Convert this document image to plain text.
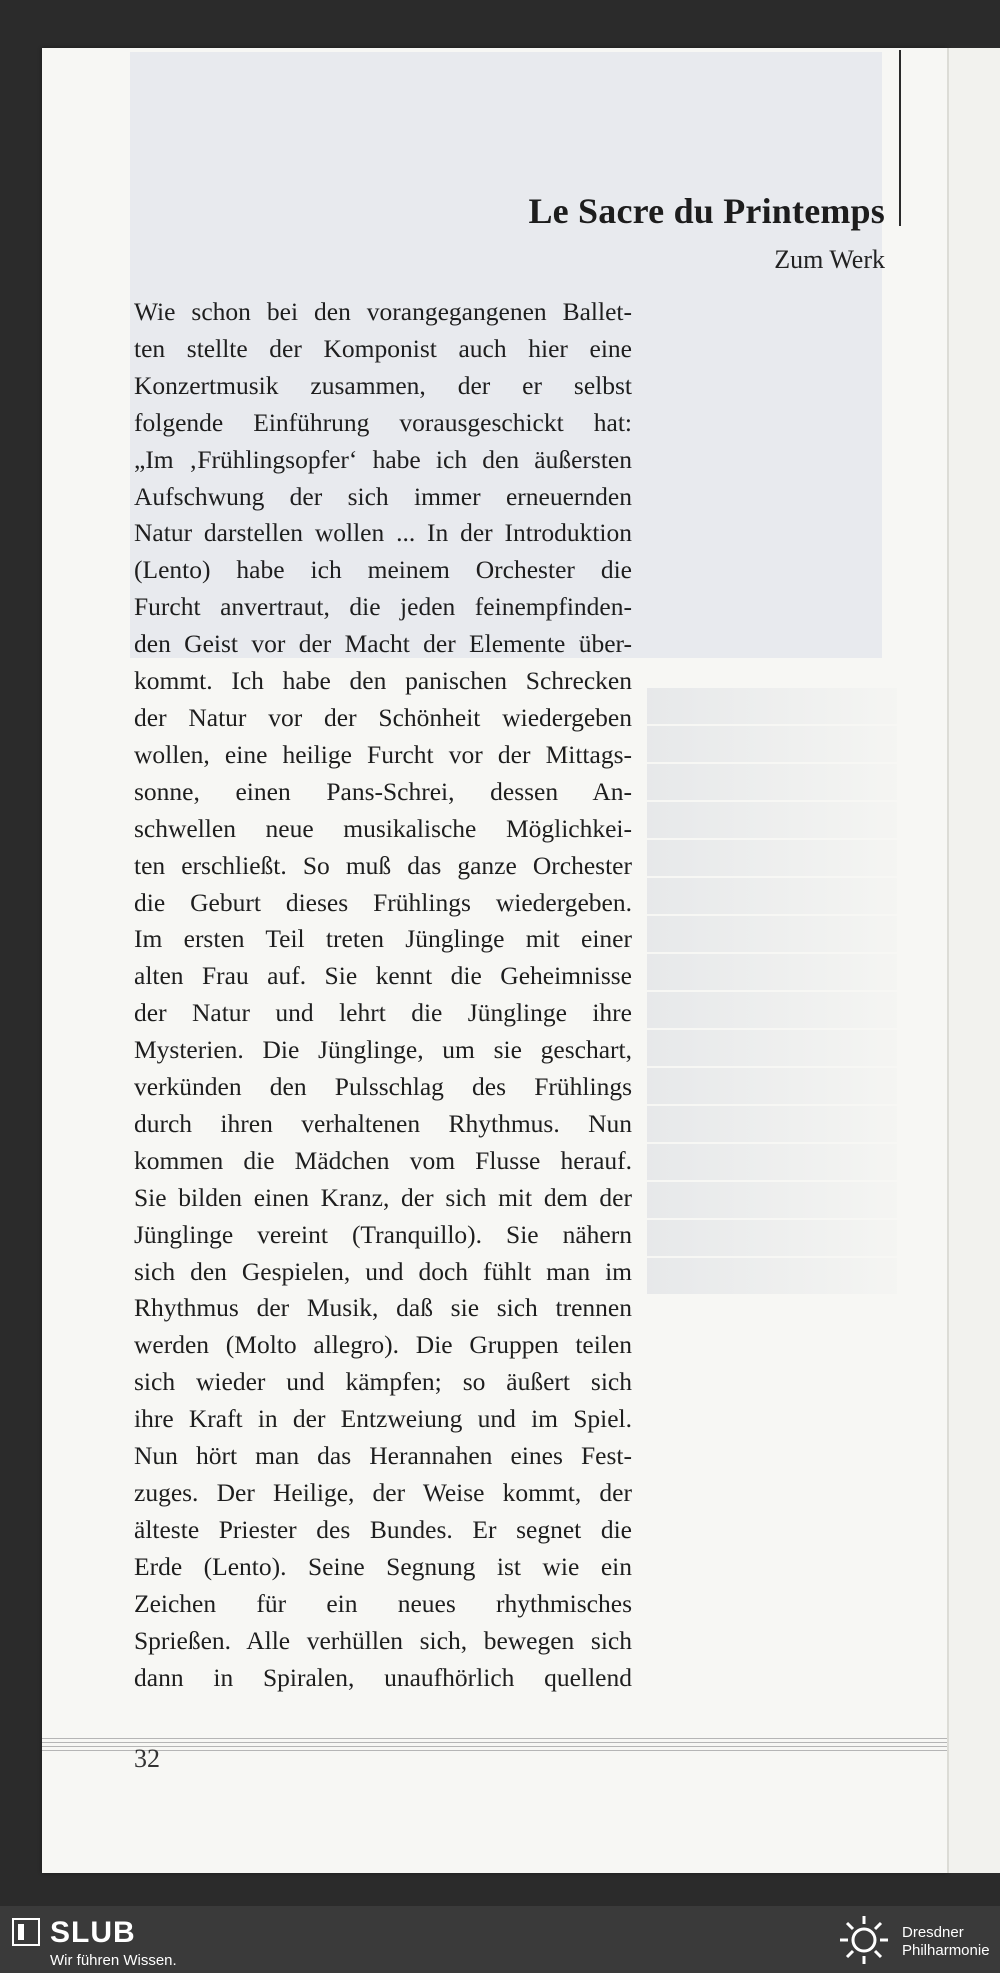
Le Sacre du Printemps

Zum Werk

Wie schon bei den vorangegangenen Ballet-
ten stellte der Komponist auch hier eine
Konzertmusik zusammen, der er selbst
folgende Einführung vorausgeschickt hat:
„Im ‚Frühlingsopfer‘ habe ich den äußersten
Aufschwung der sich immer erneuernden
Natur darstellen wollen ... In der Introduktion
(Lento) habe ich meinem Orchester die
Furcht anvertraut, die jeden feinempfinden-
den Geist vor der Macht der Elemente über-
kommt. Ich habe den panischen Schrecken
der Natur vor der Schönheit wiedergeben
wollen, eine heilige Furcht vor der Mittags-
sonne, einen Pans-Schrei, dessen An-
schwellen neue musikalische Möglichkei-
ten erschließt. So muß das ganze Orchester
die Geburt dieses Frühlings wiedergeben.
Im ersten Teil treten Jünglinge mit einer
alten Frau auf. Sie kennt die Geheimnisse
der Natur und lehrt die Jünglinge ihre
Mysterien. Die Jünglinge, um sie geschart,
verkünden den Pulsschlag des Frühlings
durch ihren verhaltenen Rhythmus. Nun
kommen die Mädchen vom Flusse herauf.
Sie bilden einen Kranz, der sich mit dem der
Jünglinge vereint (Tranquillo). Sie nähern
sich den Gespielen, und doch fühlt man im
Rhythmus der Musik, daß sie sich trennen
werden (Molto allegro). Die Gruppen teilen
sich wieder und kämpfen; so äußert sich
ihre Kraft in der Entzweiung und im Spiel.
Nun hört man das Herannahen eines Fest-
zuges. Der Heilige, der Weise kommt, der
älteste Priester des Bundes. Er segnet die
Erde (Lento). Seine Segnung ist wie ein
Zeichen für ein neues rhythmisches
Sprießen. Alle verhüllen sich, bewegen sich
dann in Spiralen, unaufhörlich quellend

32

SLUB
Wir führen Wissen.
Dresdner
Philharmonie
